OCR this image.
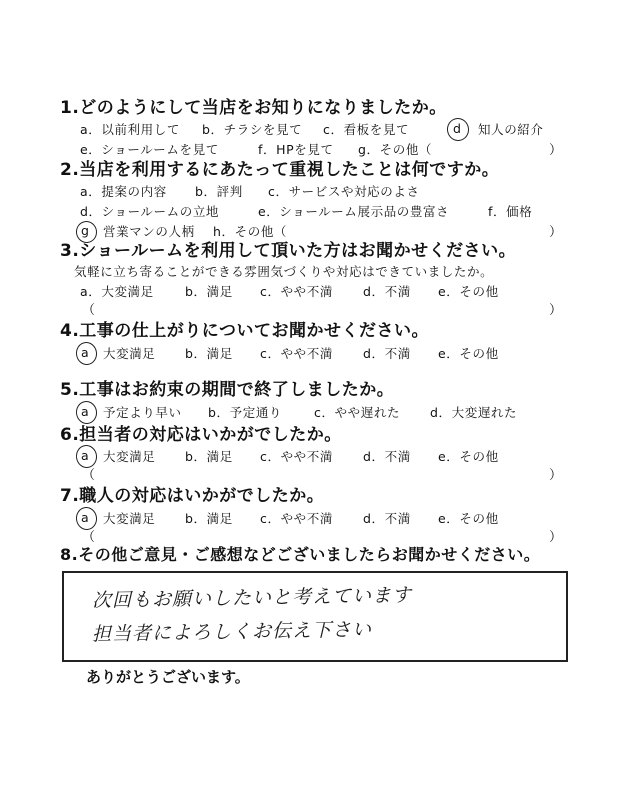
1.どのようにして当店をお知りになりましたか。
a．以前利用して b．チラシを見て c．看板を見て	d 知人の紹介
e．ショールームを見て	f．HPを見て g．その他（	）
2.当店を利用するにあたって重視したことは何ですか。
a．提案の内容 b．評判 c．サービスや対応のよさ
d．ショールームの立地	e．ショールーム展示品の豊富さ	f．価格
g 営業マンの人柄 h．その他（	）
3.ショールームを利用して頂いた方はお聞かせください。
気軽に立ち寄ることができる雰囲気づくりや対応はできていましたか。
a．大変満足 b．満足 c．やや不満 d．不満 e．その他
（	）
4.工事の仕上がりについてお聞かせください。
a 大変満足 b．満足 c．やや不満 d．不満 e．その他
5.工事はお約束の期間で終了しましたか。
a 予定より早い b．予定通り	c．やや遅れた d．大変遅れた
6.担当者の対応はいかがでしたか。
a 大変満足 b．満足 c．やや不満 d．不満 e．その他
（	）
7.職人の対応はいかがでしたか。
a 大変満足 b．満足 c．やや不満 d．不満 e．その他
（	）
8.その他ご意見・ご感想などございましたらお聞かせください。
次回もお願いしたいと考えています
担当者によろしくお伝え下さい
ありがとうございます。
